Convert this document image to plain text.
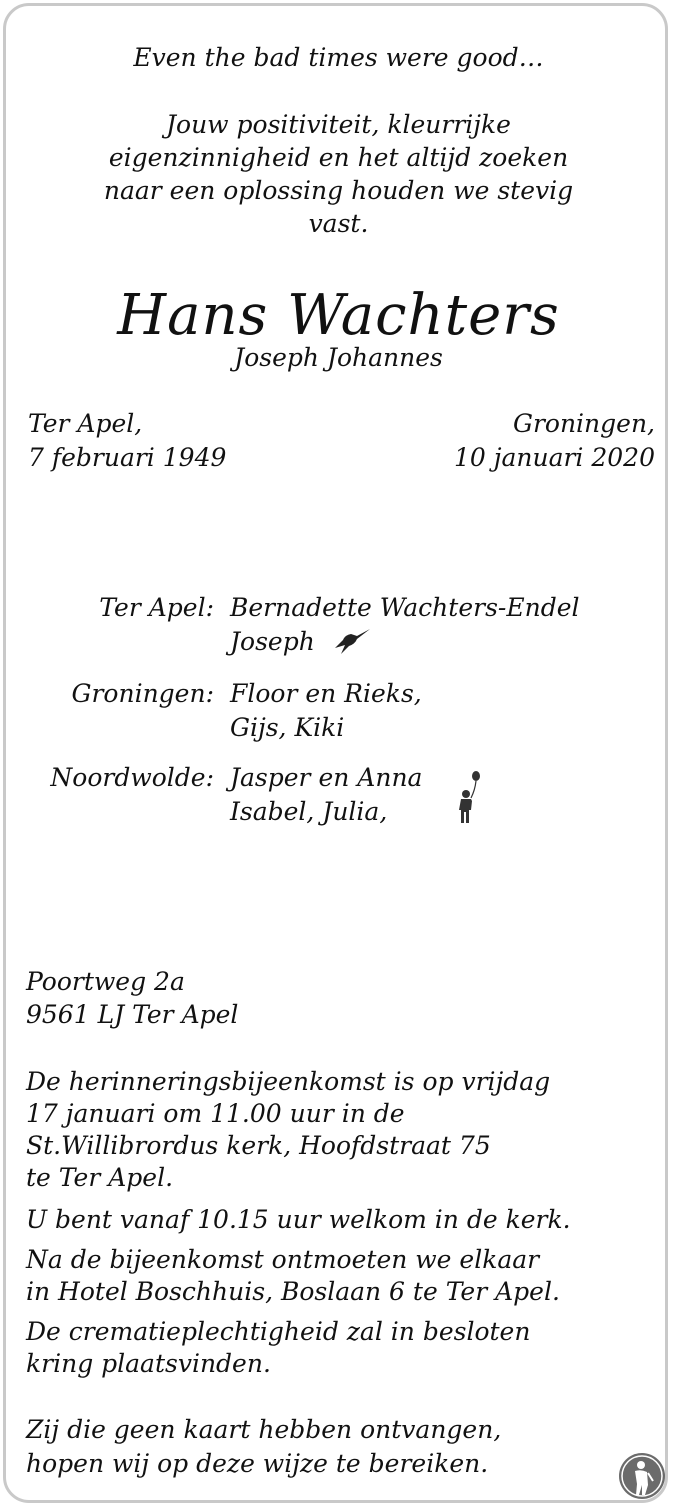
Even the bad times were good…
Jouw positiviteit, kleurrijke
eigenzinnigheid en het altijd zoeken
naar een oplossing houden we stevig
vast.
Hans Wachters
Joseph Johannes
Ter Apel,
7 februari 1949
Groningen,
10 januari 2020
Ter Apel: Bernadette Wachters-Endel
Joseph
Groningen: Floor en Rieks,
Gijs, Kiki
Noordwolde: Jasper en Anna
Isabel, Julia,
Poortweg 2a
9561 LJ Ter Apel
De herinneringsbijeenkomst is op vrijdag
17 januari om 11.00 uur in de
St.Willibrordus kerk, Hoofdstraat 75
te Ter Apel.
U bent vanaf 10.15 uur welkom in de kerk.
Na de bijeenkomst ontmoeten we elkaar
in Hotel Boschhuis, Boslaan 6 te Ter Apel.
De crematieplechtigheid zal in besloten
kring plaatsvinden.
Zij die geen kaart hebben ontvangen,
hopen wij op deze wijze te bereiken.
